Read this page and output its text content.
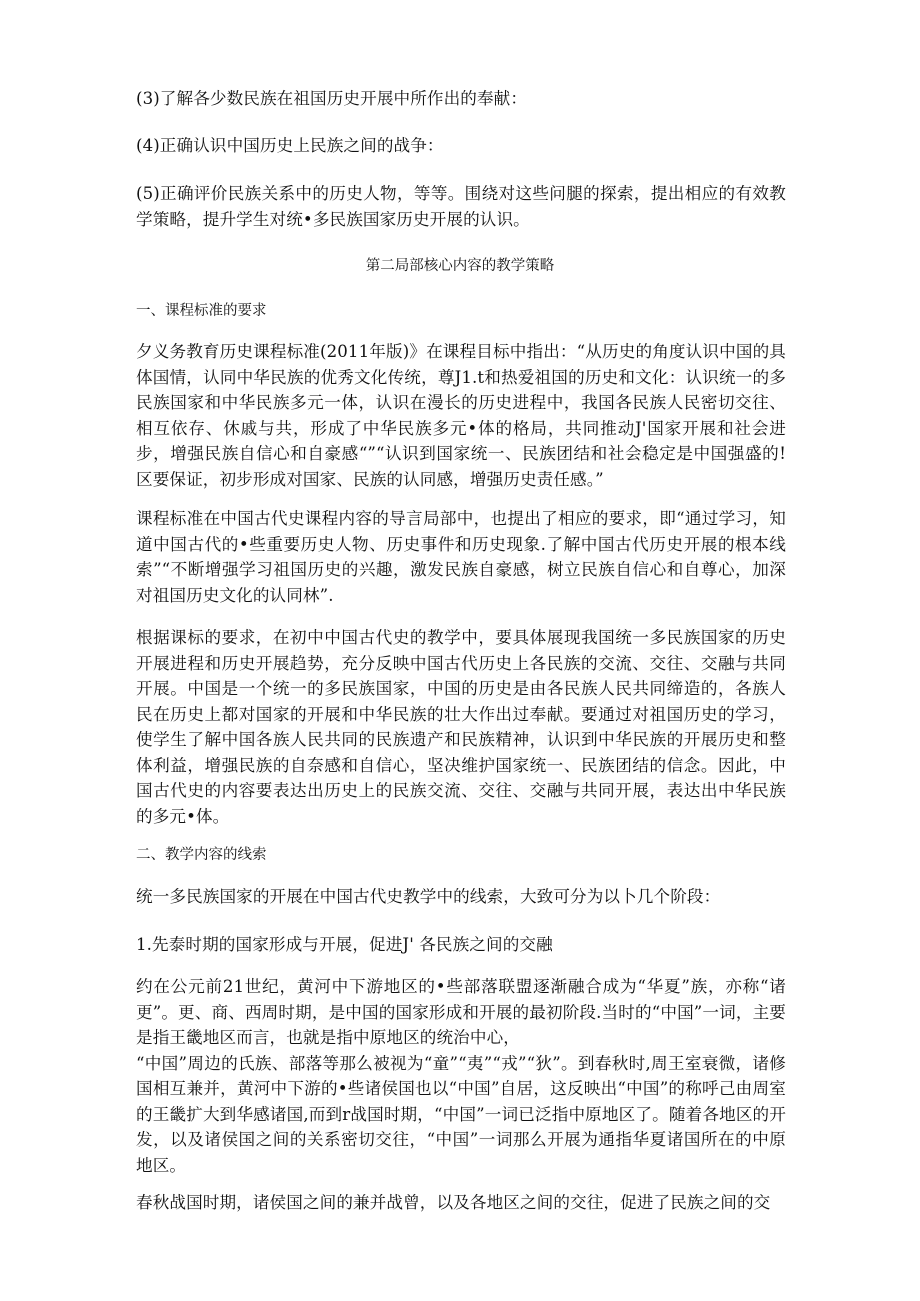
(3)了解各少数民族在祖国历史开展中所作出的奉献：

(4)正确认识中国历史上民族之间的战争：

(5)正确评价民族关系中的历史人物，等等。围绕对这些问腿的探索，提出相应的有效教学策略，提升学生对统•多民族国家历史开展的认识。

第二局部核心内容的教学策略
一、课程标准的要求

夕义务教育历史课程标准(2011年版)》在课程目标中指出：“从历史的角度认识中国的具体国情，认同中华民族的优秀文化传统，尊J1.t和热爱祖国的历史和文化：认识统一的多民族国家和中华民族多元一体，认识在漫长的历史进程中，我国各民族人民密切交往、相互依存、休戚与共，形成了中华民族多元•体的格局，共同推动J'国家开展和社会进步，增强民族自信心和自豪感“”“认识到国家统一、民族团结和社会稳定是中国强盛的!区要保证，初步形成对国家、民族的认同感，增强历史责任感。”

课程标准在中国古代史课程内容的导言局部中，也提出了相应的要求，即“通过学习，知道中国古代的•些重要历史人物、历史事件和历史现象.了解中国古代历史开展的根本线索”“不断增强学习祖国历史的兴趣，激发民族自豪感，树立民族自信心和自尊心，加深对祖国历史文化的认同林”.

根据课标的要求，在初中中国古代史的教学中，要具体展现我国统一多民族国家的历史开展进程和历史开展趋势，充分反映中国古代历史上各民族的交流、交往、交融与共同开展。中国是一个统一的多民族国家，中国的历史是由各民族人民共同缔造的，各族人民在历史上都对国家的开展和中华民族的壮大作出过奉献。要通过对祖国历史的学习，使学生了解中国各族人民共同的民族遗产和民族精神，认识到中华民族的开展历史和整体利益，增强民族的自奈感和自信心，坚决维护国家统一、民族团结的信念。因此，中国古代史的内容要表达出历史上的民族交流、交往、交融与共同开展，表达出中华民族的多元•体。

二、教学内容的线索

统一多民族国家的开展在中国古代史教学中的线索，大致可分为以卜几个阶段：

1.先泰时期的国家形成与开展，促进J' 各民族之间的交融

约在公元前21世纪，黄河中下游地区的•些部落联盟逐渐融合成为“华夏”族，亦称“诸更”。更、商、西周时期，是中国的国家形成和开展的最初阶段.当时的“中国”一词，主要是指王畿地区而言，也就是指中原地区的统治中心，
“中国”周边的氏族、部落等那么被视为“童”“夷”“戎”“狄”。到春秋时,周王室衰微，诸修国相互兼并，黄河中下游的•些诸侯国也以“中国”自居，这反映出“中国”的称呼己由周室的王畿扩大到华感诸国,而到r战国时期，“中国”一词已泛指中原地区了。随着各地区的开发，以及诸侯国之间的关系密切交往，“中国”一词那么开展为通指华夏诸国所在的中原地区。

春秋战国时期，诸侯国之间的兼并战曾，以及各地区之间的交往，促进了民族之间的交
